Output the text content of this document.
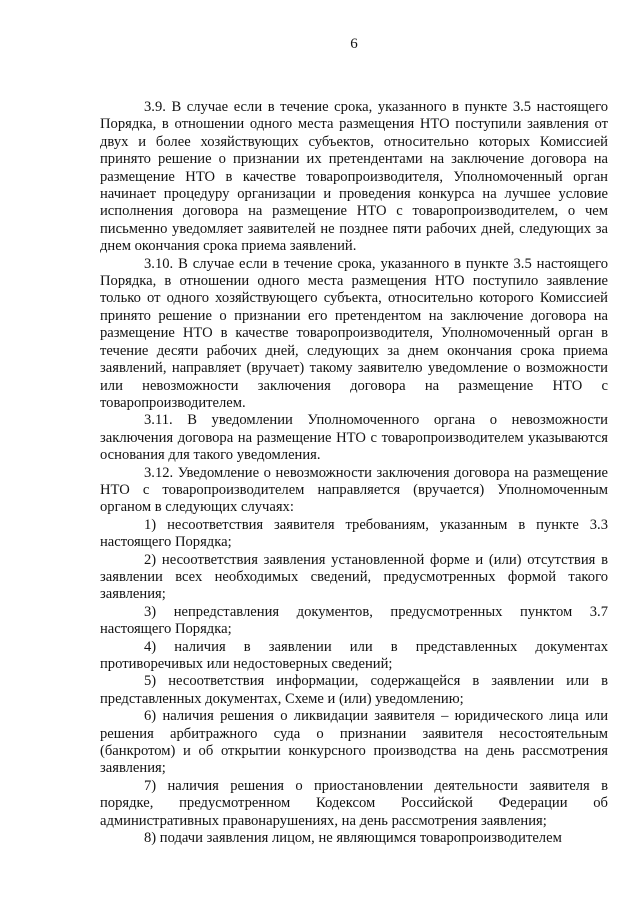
6

3.9. В случае если в течение срока, указанного в пункте 3.5 настоящего Порядка, в отношении одного места размещения НТО поступили заявления от двух и более хозяйствующих субъектов, относительно которых Комиссией принято решение о признании их претендентами на заключение договора на размещение НТО в качестве товаропроизводителя, Уполномоченный орган начинает процедуру организации и проведения конкурса на лучшее условие исполнения договора на размещение НТО с товаропроизводителем, о чем письменно уведомляет заявителей не позднее пяти рабочих дней, следующих за днем окончания срока приема заявлений.

3.10. В случае если в течение срока, указанного в пункте 3.5 настоящего Порядка, в отношении одного места размещения НТО поступило заявление только от одного хозяйствующего субъекта, относительно которого Комиссией принято решение о признании его претендентом на заключение договора на размещение НТО в качестве товаропроизводителя, Уполномоченный орган в течение десяти рабочих дней, следующих за днем окончания срока приема заявлений, направляет (вручает) такому заявителю уведомление о возможности или невозможности заключения договора на размещение НТО с товаропроизводителем.

3.11. В уведомлении Уполномоченного органа о невозможности заключения договора на размещение НТО с товаропроизводителем указываются основания для такого уведомления.

3.12. Уведомление о невозможности заключения договора на размещение НТО с товаропроизводителем направляется (вручается) Уполномоченным органом в следующих случаях:

1) несоответствия заявителя требованиям, указанным в пункте 3.3 настоящего Порядка;

2) несоответствия заявления установленной форме и (или) отсутствия в заявлении всех необходимых сведений, предусмотренных формой такого заявления;

3) непредставления документов, предусмотренных пунктом 3.7 настоящего Порядка;

4) наличия в заявлении или в представленных документах противоречивых или недостоверных сведений;

5) несоответствия информации, содержащейся в заявлении или в представленных документах, Схеме и (или) уведомлению;

6) наличия решения о ликвидации заявителя – юридического лица или решения арбитражного суда о признании заявителя несостоятельным (банкротом) и об открытии конкурсного производства на день рассмотрения заявления;

7) наличия решения о приостановлении деятельности заявителя в порядке, предусмотренном Кодексом Российской Федерации об административных правонарушениях, на день рассмотрения заявления;

8) подачи заявления лицом, не являющимся товаропроизводителем
